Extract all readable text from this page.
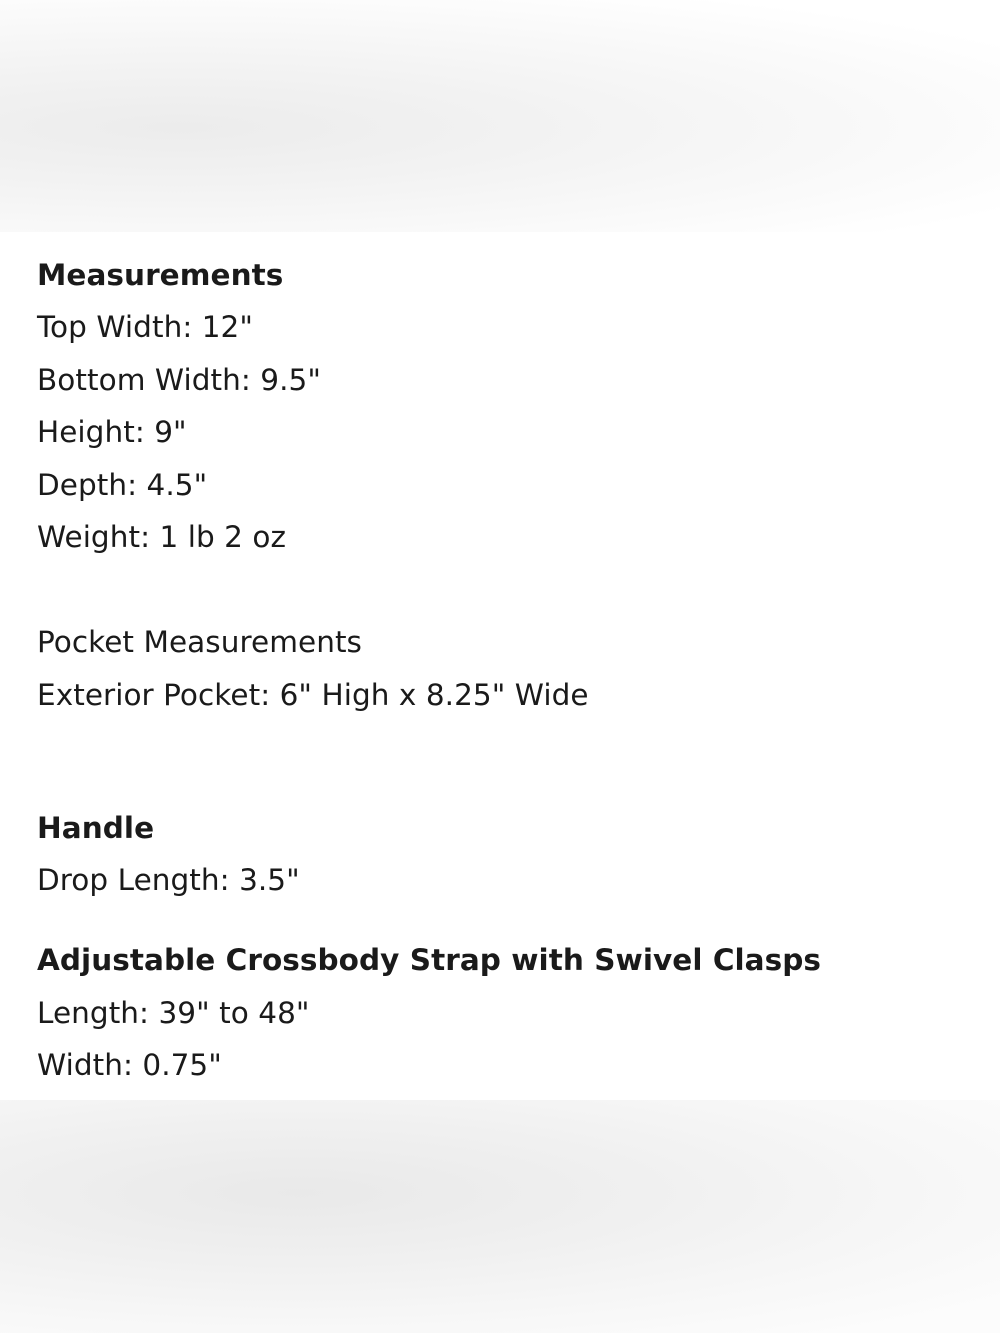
Measurements
Top Width: 12"
Bottom Width: 9.5"
Height: 9"
Depth: 4.5"
Weight: 1 lb 2 oz
Pocket Measurements
Exterior Pocket: 6" High x 8.25" Wide
Handle
Drop Length: 3.5"
Adjustable Crossbody Strap with Swivel Clasps
Length: 39" to 48"
Width: 0.75"
